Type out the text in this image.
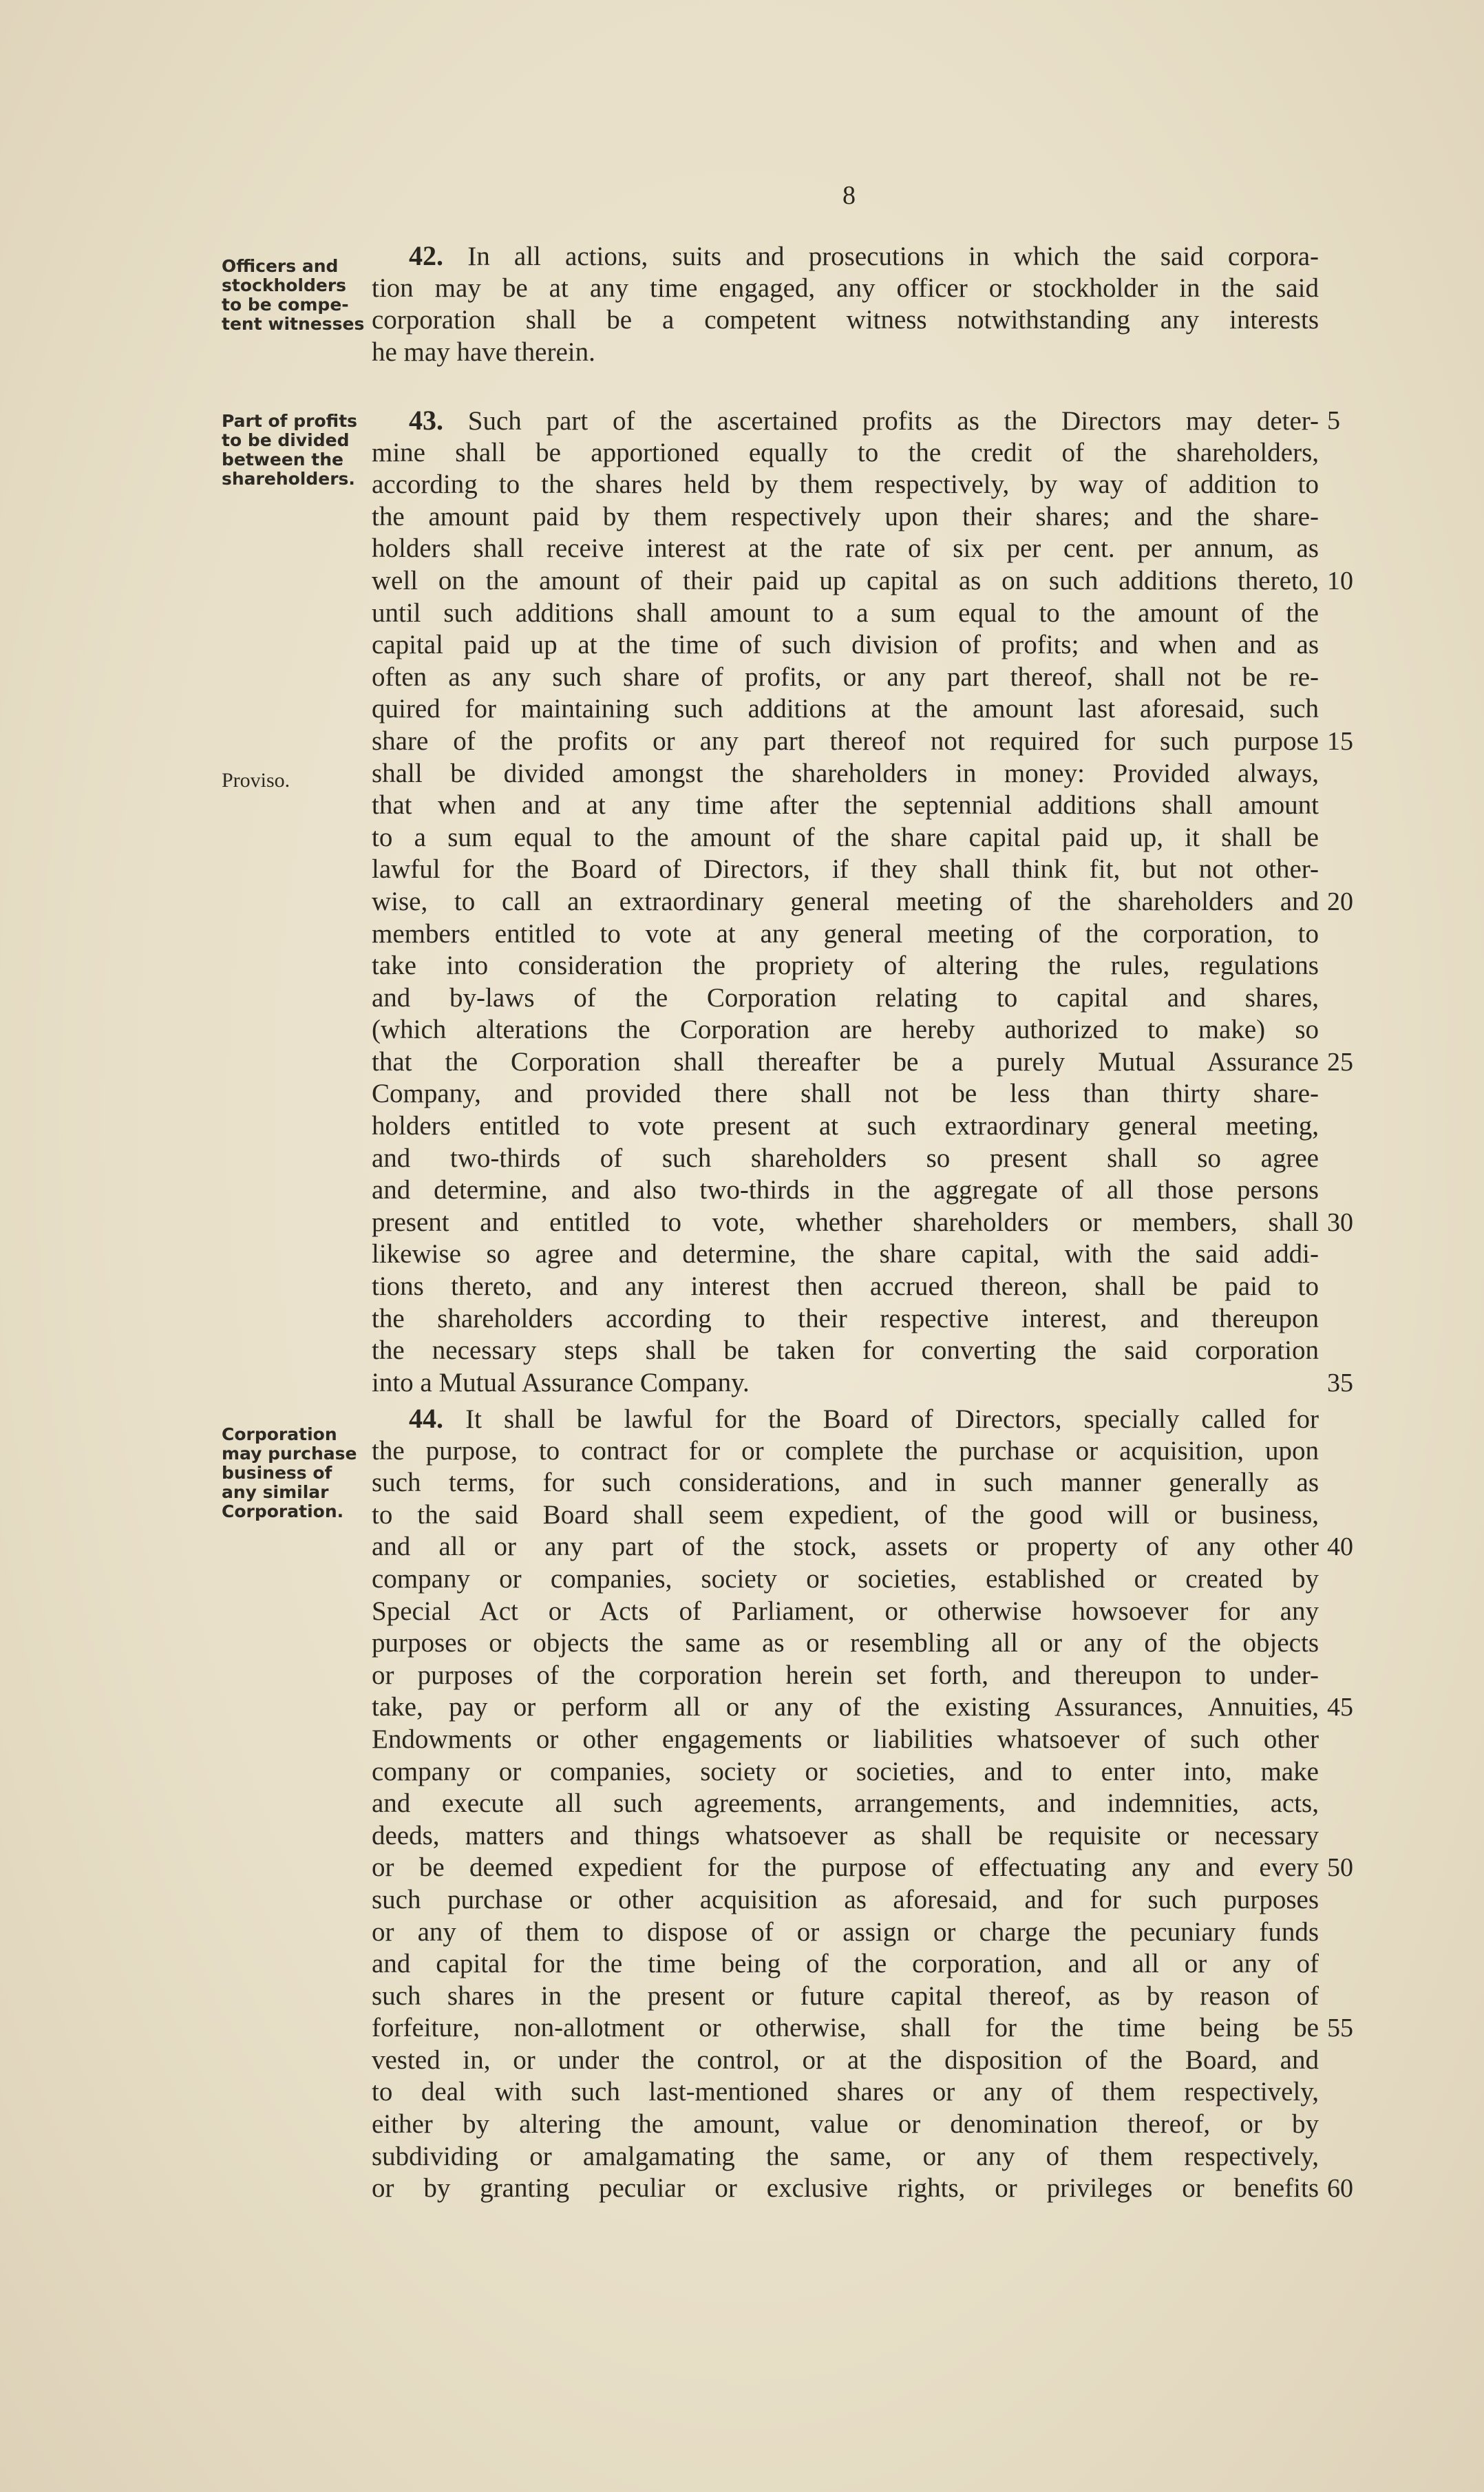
8
Officers and
stockholders
to be compe-
tent witnesses
42. In all actions, suits and prosecutions in which the said corpora-
tion may be at any time engaged, any officer or stockholder in the said
corporation shall be a competent witness notwithstanding any interests
he may have therein.
Part of profits
to be divided
between the
shareholders.
Proviso.
43. Such part of the ascertained profits as the Directors may deter-
mine shall be apportioned equally to the credit of the shareholders,
according to the shares held by them respectively, by way of addition to
the amount paid by them respectively upon their shares; and the share-
holders shall receive interest at the rate of six per cent. per annum, as
well on the amount of their paid up capital as on such additions thereto,
until such additions shall amount to a sum equal to the amount of the
capital paid up at the time of such division of profits; and when and as
often as any such share of profits, or any part thereof, shall not be re-
quired for maintaining such additions at the amount last aforesaid, such
share of the profits or any part thereof not required for such purpose
shall be divided amongst the shareholders in money: Provided always,
that when and at any time after the septennial additions shall amount
to a sum equal to the amount of the share capital paid up, it shall be
lawful for the Board of Directors, if they shall think fit, but not other-
wise, to call an extraordinary general meeting of the shareholders and
members entitled to vote at any general meeting of the corporation, to
take into consideration the propriety of altering the rules, regulations
and by-laws of the Corporation relating to capital and shares,
(which alterations the Corporation are hereby authorized to make) so
that the Corporation shall thereafter be a purely Mutual Assurance
Company, and provided there shall not be less than thirty share-
holders entitled to vote present at such extraordinary general meeting,
and two-thirds of such shareholders so present shall so agree
and determine, and also two-thirds in the aggregate of all those persons
present and entitled to vote, whether shareholders or members, shall
likewise so agree and determine, the share capital, with the said addi-
tions thereto, and any interest then accrued thereon, shall be paid to
the shareholders according to their respective interest, and thereupon
the necessary steps shall be taken for converting the said corporation
into a Mutual Assurance Company.
5
10
15
20
25
30
35
Corporation
may purchase
business of
any similar
Corporation.
44. It shall be lawful for the Board of Directors, specially called for
the purpose, to contract for or complete the purchase or acquisition, upon
such terms, for such considerations, and in such manner generally as
to the said Board shall seem expedient, of the good will or business,
and all or any part of the stock, assets or property of any other
company or companies, society or societies, established or created by
Special Act or Acts of Parliament, or otherwise howsoever for any
purposes or objects the same as or resembling all or any of the objects
or purposes of the corporation herein set forth, and thereupon to under-
take, pay or perform all or any of the existing Assurances, Annuities,
Endowments or other engagements or liabilities whatsoever of such other
company or companies, society or societies, and to enter into, make
and execute all such agreements, arrangements, and indemnities, acts,
deeds, matters and things whatsoever as shall be requisite or necessary
or be deemed expedient for the purpose of effectuating any and every
such purchase or other acquisition as aforesaid, and for such purposes
or any of them to dispose of or assign or charge the pecuniary funds
and capital for the time being of the corporation, and all or any of
such shares in the present or future capital thereof, as by reason of
forfeiture, non-allotment or otherwise, shall for the time being be
vested in, or under the control, or at the disposition of the Board, and
to deal with such last-mentioned shares or any of them respectively,
either by altering the amount, value or denomination thereof, or by
subdividing or amalgamating the same, or any of them respectively,
or by granting peculiar or exclusive rights, or privileges or benefits
40
45
50
55
60
